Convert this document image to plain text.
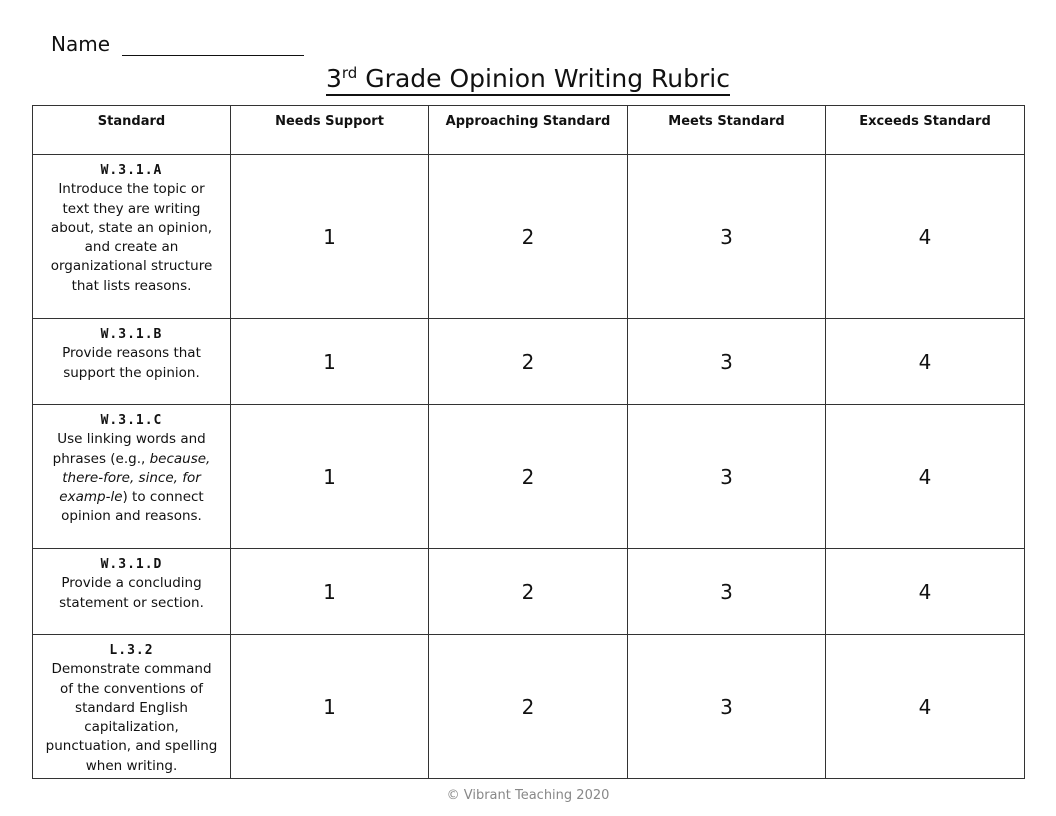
Name
3rd Grade Opinion Writing Rubric
Standard	Needs Support	Approaching Standard	Meets Standard	Exceeds Standard

W.3.1.A
Introduce the topic or text they are writing about, state an opinion, and create an organizational structure that lists reasons.	1	2	3	4

W.3.1.B
Provide reasons that support the opinion.	1	2	3	4

W.3.1.C
Use linking words and phrases (e.g., because, there-fore, since, for examp-le) to connect opinion and reasons.	1	2	3	4

W.3.1.D
Provide a concluding statement or section.	1	2	3	4

L.3.2
Demonstrate command of the conventions of standard English capitalization, punctuation, and spelling when writing.	1	2	3	4
© Vibrant Teaching 2020
